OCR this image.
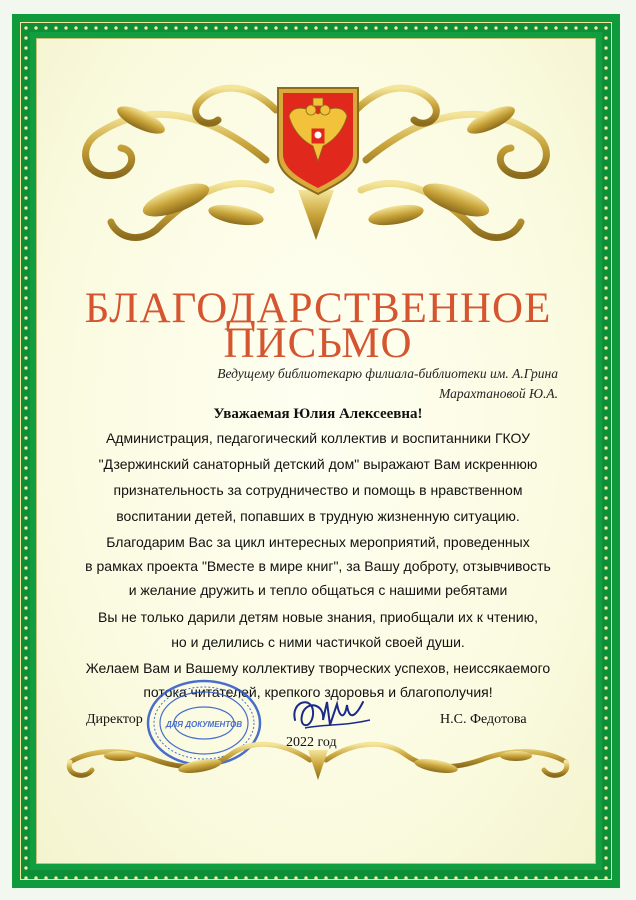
БЛАГОДАРСТВЕННОЕ
ПИСЬМО
Ведущему библиотекарю филиала-библиотеки им. А.Грина
Марахтановой Ю.А.
Уважаемая Юлия Алексеевна!
Администрация, педагогический коллектив и воспитанники ГКОУ
"Дзержинский санаторный детский дом" выражают Вам искреннюю
признательность за сотрудничество и помощь в нравственном
воспитании детей, попавших в трудную жизненную ситуацию.
Благодарим Вас за цикл интересных мероприятий, проведенных
в рамках проекта "Вместе в мире книг", за Вашу доброту, отзывчивость
и желание дружить и тепло общаться с нашими ребятами
Вы не только дарили детям новые знания, приобщали их к чтению,
но и делились с ними частичкой своей души.
Желаем Вам и Вашему коллективу творческих успехов, неиссякаемого
потока читателей, крепкого здоровья и благополучия!
ДЛЯ ДОКУМЕНТОВ
Директор	Н.С. Федотова
2022 год
